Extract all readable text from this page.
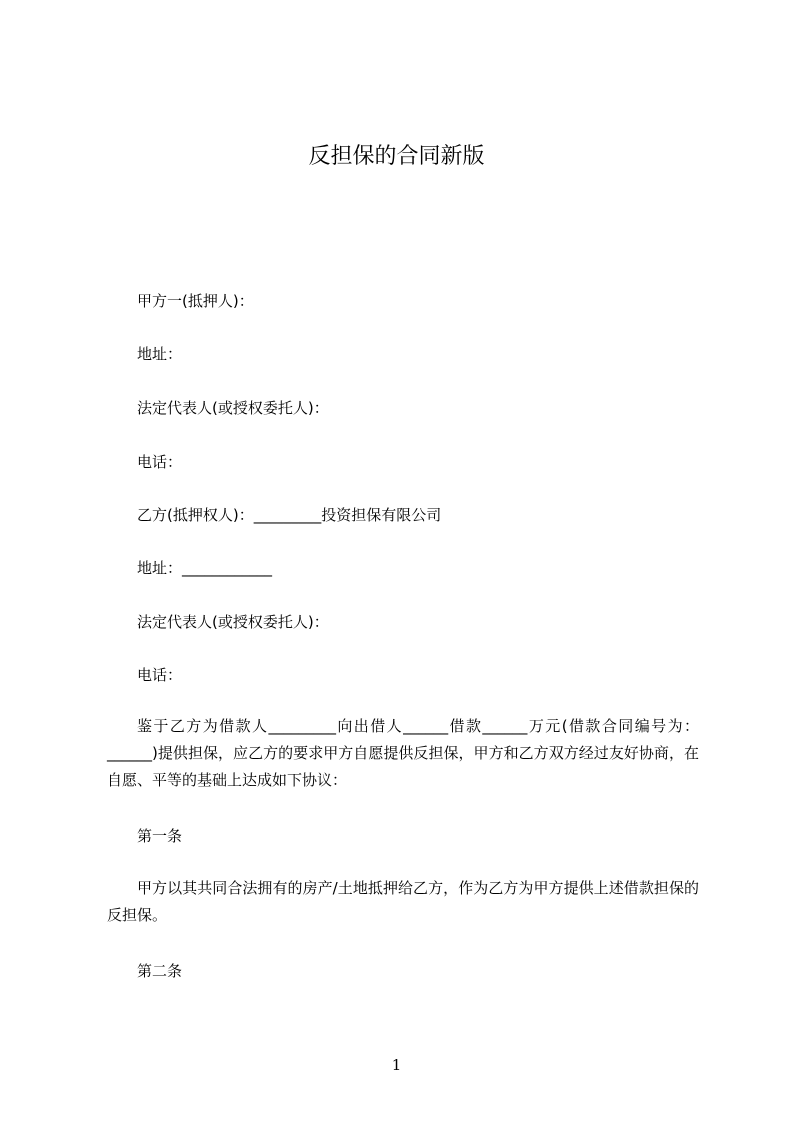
反担保的合同新版
甲方一(抵押人)：
地址：
法定代表人(或授权委托人)：
电话：
乙方(抵押权人)：_________投资担保有限公司
地址：____________
法定代表人(或授权委托人)：
电话：
鉴于乙方为借款人_________向出借人______借款______万元(借款合同编号为：______)提供担保，应乙方的要求甲方自愿提供反担保，甲方和乙方双方经过友好协商，在自愿、平等的基础上达成如下协议：
第一条
甲方以其共同合法拥有的房产/土地抵押给乙方，作为乙方为甲方提供上述借款担保的反担保。
第二条
1
